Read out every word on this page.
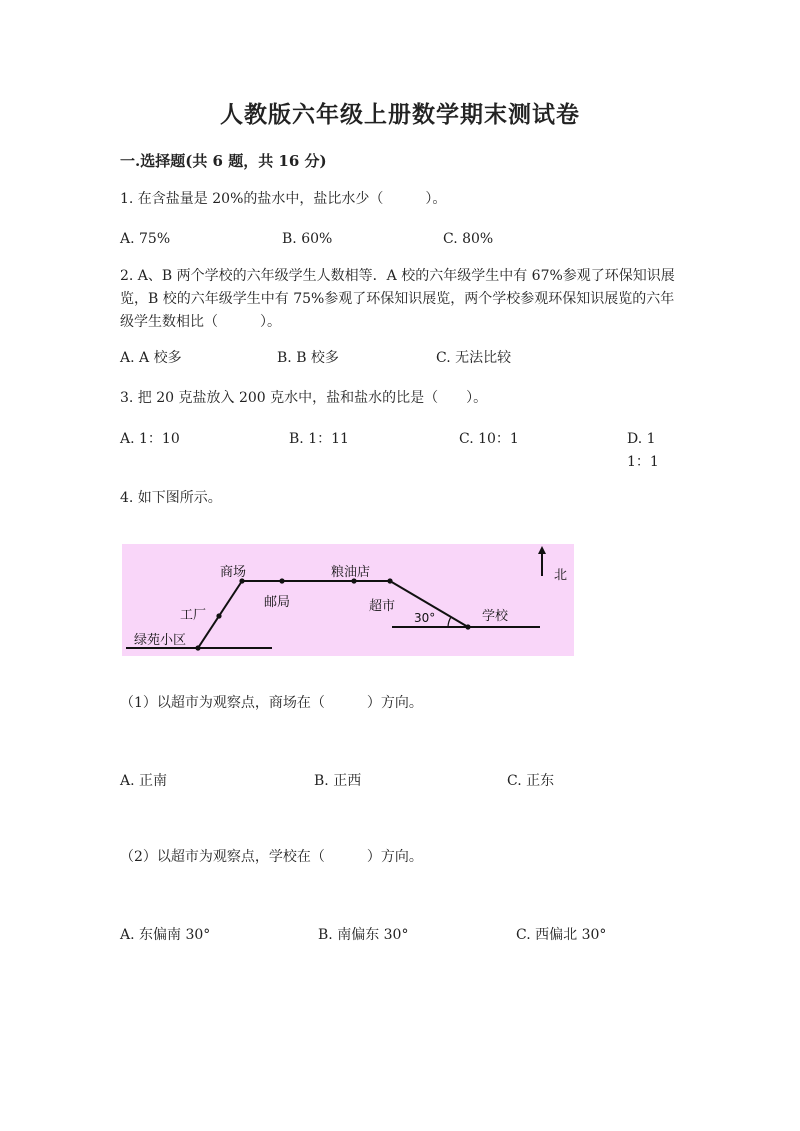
人教版六年级上册数学期末测试卷
一.选择题(共 6 题，共 16 分)
1. 在含盐量是 20%的盐水中，盐比水少（　　　）。
A. 75%	B. 60%	C. 80%
2. A、B 两个学校的六年级学生人数相等．A 校的六年级学生中有 67%参观了环保知识展览，B 校的六年级学生中有 75%参观了环保知识展览，两个学校参观环保知识展览的六年级学生数相比（　　　）。
A. A 校多	B. B 校多	C. 无法比较
3. 把 20 克盐放入 200 克水中，盐和盐水的比是（　　）。
A. 1：10	B. 1：11	C. 10：1	D. 11：1
4. 如下图所示。
商场	粮油店	北
工厂
邮局	超市
30°	学校
绿苑小区
（1）以超市为观察点，商场在（　　　）方向。
A. 正南	B. 正西	C. 正东
（2）以超市为观察点，学校在（　　　）方向。
A. 东偏南 30°	B. 南偏东 30°	C. 西偏北 30°
